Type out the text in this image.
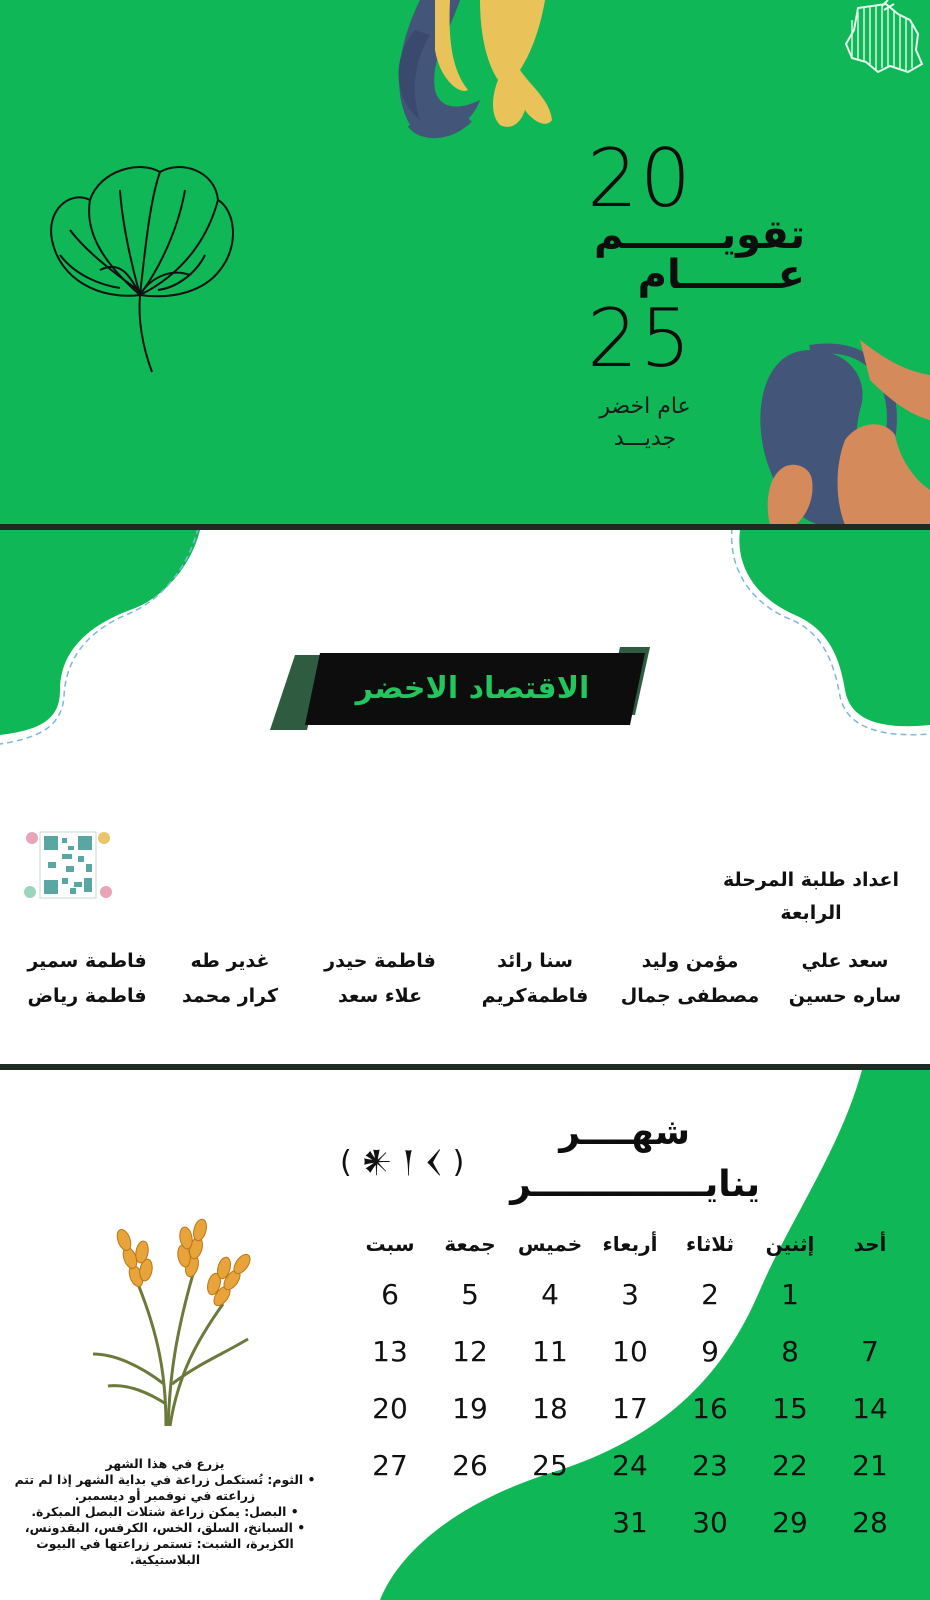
20
تقويـــــــم
عـــــــام
25
عام اخضر
جديـــد
الاقتصاد الاخضر
اعداد طلبة المرحلة الرابعة
سعد علي
مؤمن وليد
سنا رائد
فاطمة حيدر
غدير طه
فاطمة سمير
ساره حسين
مصطفى جمال
فاطمةكريم
علاء سعد
كرار محمد
فاطمة رياض
شهــــر
ينايــــــــــــــر
( 𒀭 𒁹 𒌋 )
أحد
إثنين
ثلاثاء
أربعاء
خميس
جمعة
سبت
1
2
3
4
5
6
7
8
9
10
11
12
13
14
15
16
17
18
19
20
21
22
23
24
25
26
27
28
29
30
31
يزرع في هذا الشهر
• الثوم: تُستكمل زراعة في بداية الشهر إذا لم تتم زراعته في نوفمبر أو ديسمبر.
• البصل: يمكن زراعة شتلات البصل المبكرة.
• السبانخ، السلق، الخس، الكرفس، البقدونس، الكزبرة، الشبت: تستمر زراعتها في البيوت البلاستيكية.
